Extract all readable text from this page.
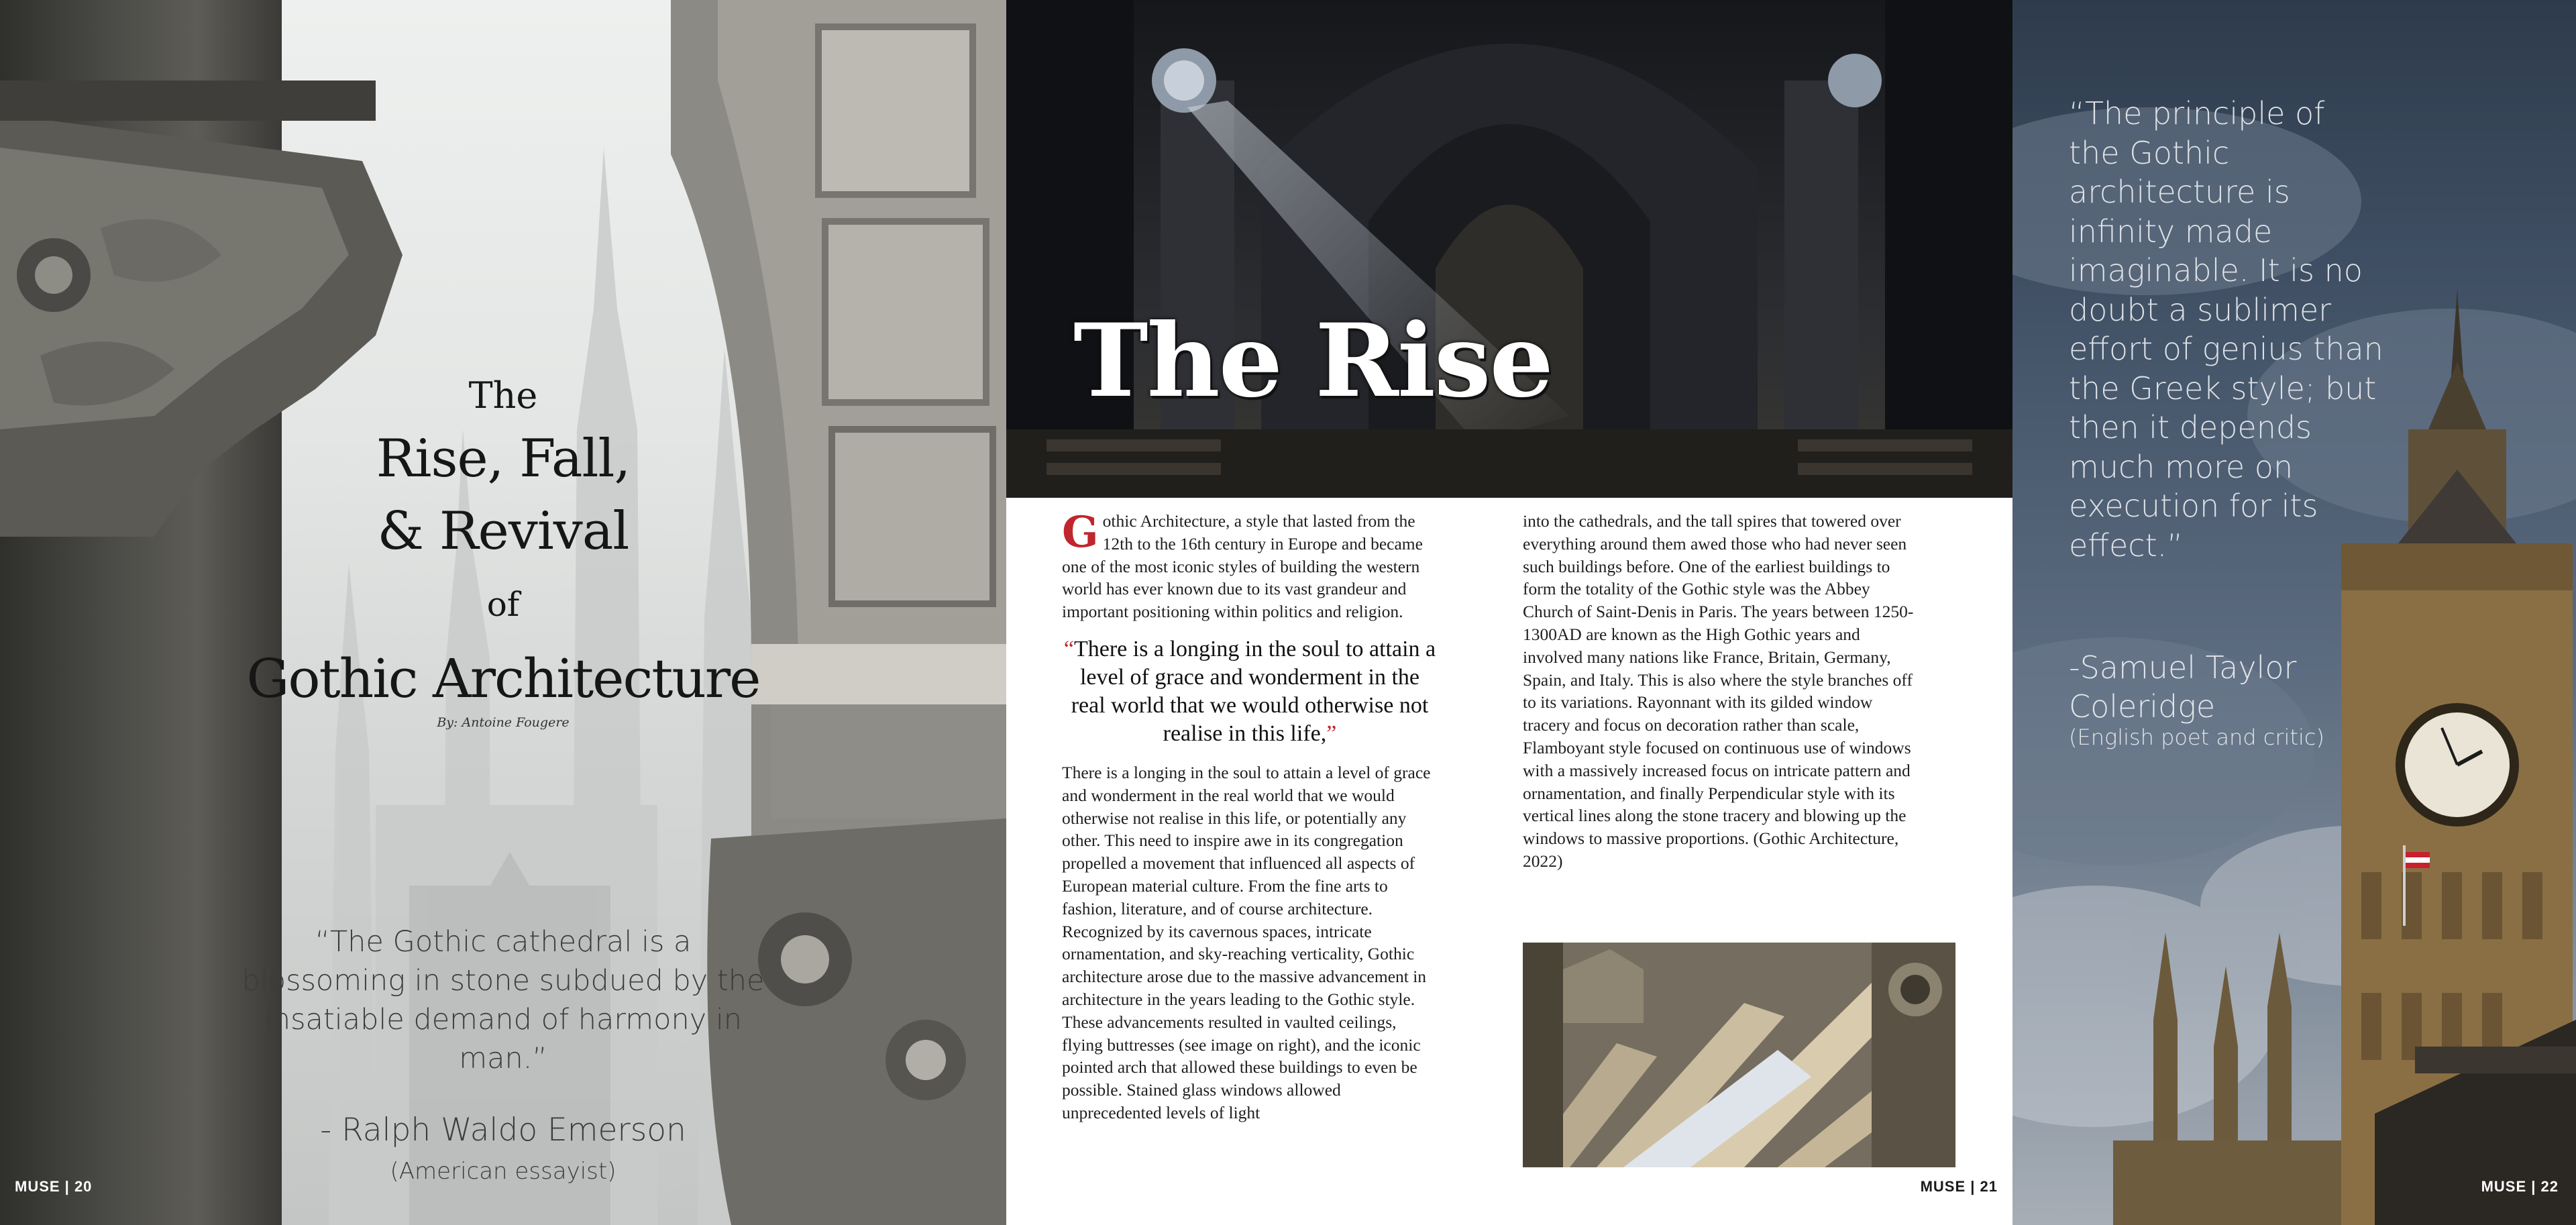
The
Rise, Fall,
& Revival
of
Gothic Architecture
By: Antoine Fougere
“The Gothic cathedral is a blossoming in stone subdued by the insatiable demand of harmony in man.”
- Ralph Waldo Emerson
(American essayist)
MUSE | 20
The Rise
Gothic Architecture, a style that lasted from the 12th to the 16th century in Europe and became one of the most iconic styles of building the western world has ever known due to its vast grandeur and important positioning within politics and religion.
“There is a longing in the soul to attain a level of grace and wonderment in the real world that we would otherwise not realise in this life,”
There is a longing in the soul to attain a level of grace and wonderment in the real world that we would otherwise not realise in this life, or potentially any other. This need to inspire awe in its congregation propelled a movement that influenced all aspects of European material culture. From the fine arts to fashion, literature, and of course architecture. Recognized by its cavernous spaces, intricate ornamentation, and sky-reaching verticality, Gothic architecture arose due to the massive advancement in architecture in the years leading to the Gothic style. These advancements resulted in vaulted ceilings, flying buttresses (see image on right), and the iconic pointed arch that allowed these buildings to even be possible. Stained glass windows allowed unprecedented levels of light
into the cathedrals, and the tall spires that towered over everything around them awed those who had never seen such buildings before. One of the earliest buildings to form the totality of the Gothic style was the Abbey Church of Saint-Denis in Paris. The years between 1250-1300AD are known as the High Gothic years and involved many nations like France, Britain, Germany, Spain, and Italy. This is also where the style branches off to its variations. Rayonnant with its gilded window tracery and focus on decoration rather than scale, Flamboyant style focused on continuous use of windows with a massively increased focus on intricate pattern and ornamentation, and finally Perpendicular style with its vertical lines along the stone tracery and blowing up the windows to massive proportions. (Gothic Architecture, 2022)
MUSE | 21
“The principle of the Gothic architecture is infinity made imaginable. It is no doubt a sublimer effort of genius than the Greek style; but then it depends much more on execution for its effect.”
-Samuel Taylor Coleridge
(English poet and critic)
MUSE | 22
